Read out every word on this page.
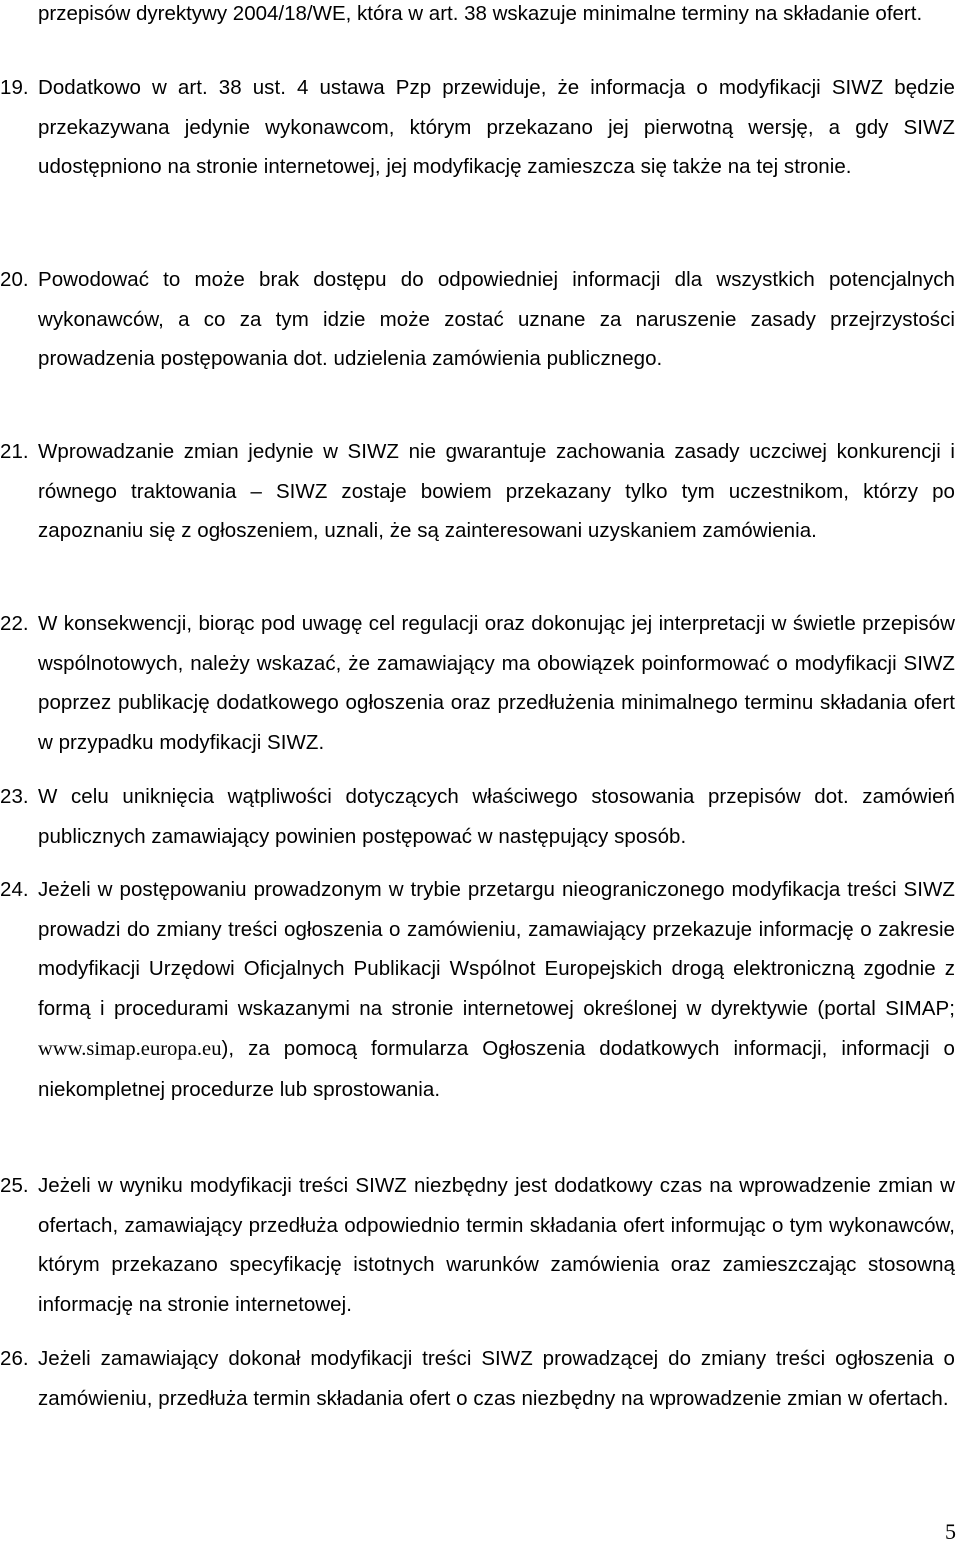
przepisów dyrektywy 2004/18/WE, która w art. 38 wskazuje minimalne terminy na składanie ofert.
19. Dodatkowo w art. 38 ust. 4 ustawa Pzp przewiduje, że informacja o modyfikacji SIWZ będzie przekazywana jedynie wykonawcom, którym przekazano jej pierwotną wersję, a gdy SIWZ udostępniono na stronie internetowej, jej modyfikację zamieszcza się także na tej stronie.
20. Powodować to może brak dostępu do odpowiedniej informacji dla wszystkich potencjalnych wykonawców, a co za tym idzie może zostać uznane za naruszenie zasady przejrzystości prowadzenia postępowania dot. udzielenia zamówienia publicznego.
21. Wprowadzanie zmian jedynie w SIWZ nie gwarantuje zachowania zasady uczciwej konkurencji i równego traktowania – SIWZ zostaje bowiem przekazany tylko tym uczestnikom, którzy po zapoznaniu się z ogłoszeniem, uznali, że są zainteresowani uzyskaniem zamówienia.
22. W konsekwencji, biorąc pod uwagę cel regulacji oraz dokonując jej interpretacji w świetle przepisów wspólnotowych, należy wskazać, że zamawiający ma obowiązek poinformować o modyfikacji SIWZ poprzez publikację dodatkowego ogłoszenia oraz przedłużenia minimalnego terminu składania ofert w przypadku modyfikacji SIWZ.
23. W celu uniknięcia wątpliwości dotyczących właściwego stosowania przepisów dot. zamówień publicznych zamawiający powinien postępować w następujący sposób.
24. Jeżeli w postępowaniu prowadzonym w trybie przetargu nieograniczonego modyfikacja treści SIWZ prowadzi do zmiany treści ogłoszenia o zamówieniu, zamawiający przekazuje informację o zakresie modyfikacji Urzędowi Oficjalnych Publikacji Wspólnot Europejskich drogą elektroniczną zgodnie z formą i procedurami wskazanymi na stronie internetowej określonej w dyrektywie (portal SIMAP; www.simap.europa.eu), za pomocą formularza Ogłoszenia dodatkowych informacji, informacji o niekompletnej procedurze lub sprostowania.
25. Jeżeli w wyniku modyfikacji treści SIWZ niezbędny jest dodatkowy czas na wprowadzenie zmian w ofertach, zamawiający przedłuża odpowiednio termin składania ofert informując o tym wykonawców, którym przekazano specyfikację istotnych warunków zamówienia oraz zamieszczając stosowną informację na stronie internetowej.
26. Jeżeli zamawiający dokonał modyfikacji treści SIWZ prowadzącej do zmiany treści ogłoszenia o zamówieniu, przedłuża termin składania ofert o czas niezbędny na wprowadzenie zmian w ofertach.
5
